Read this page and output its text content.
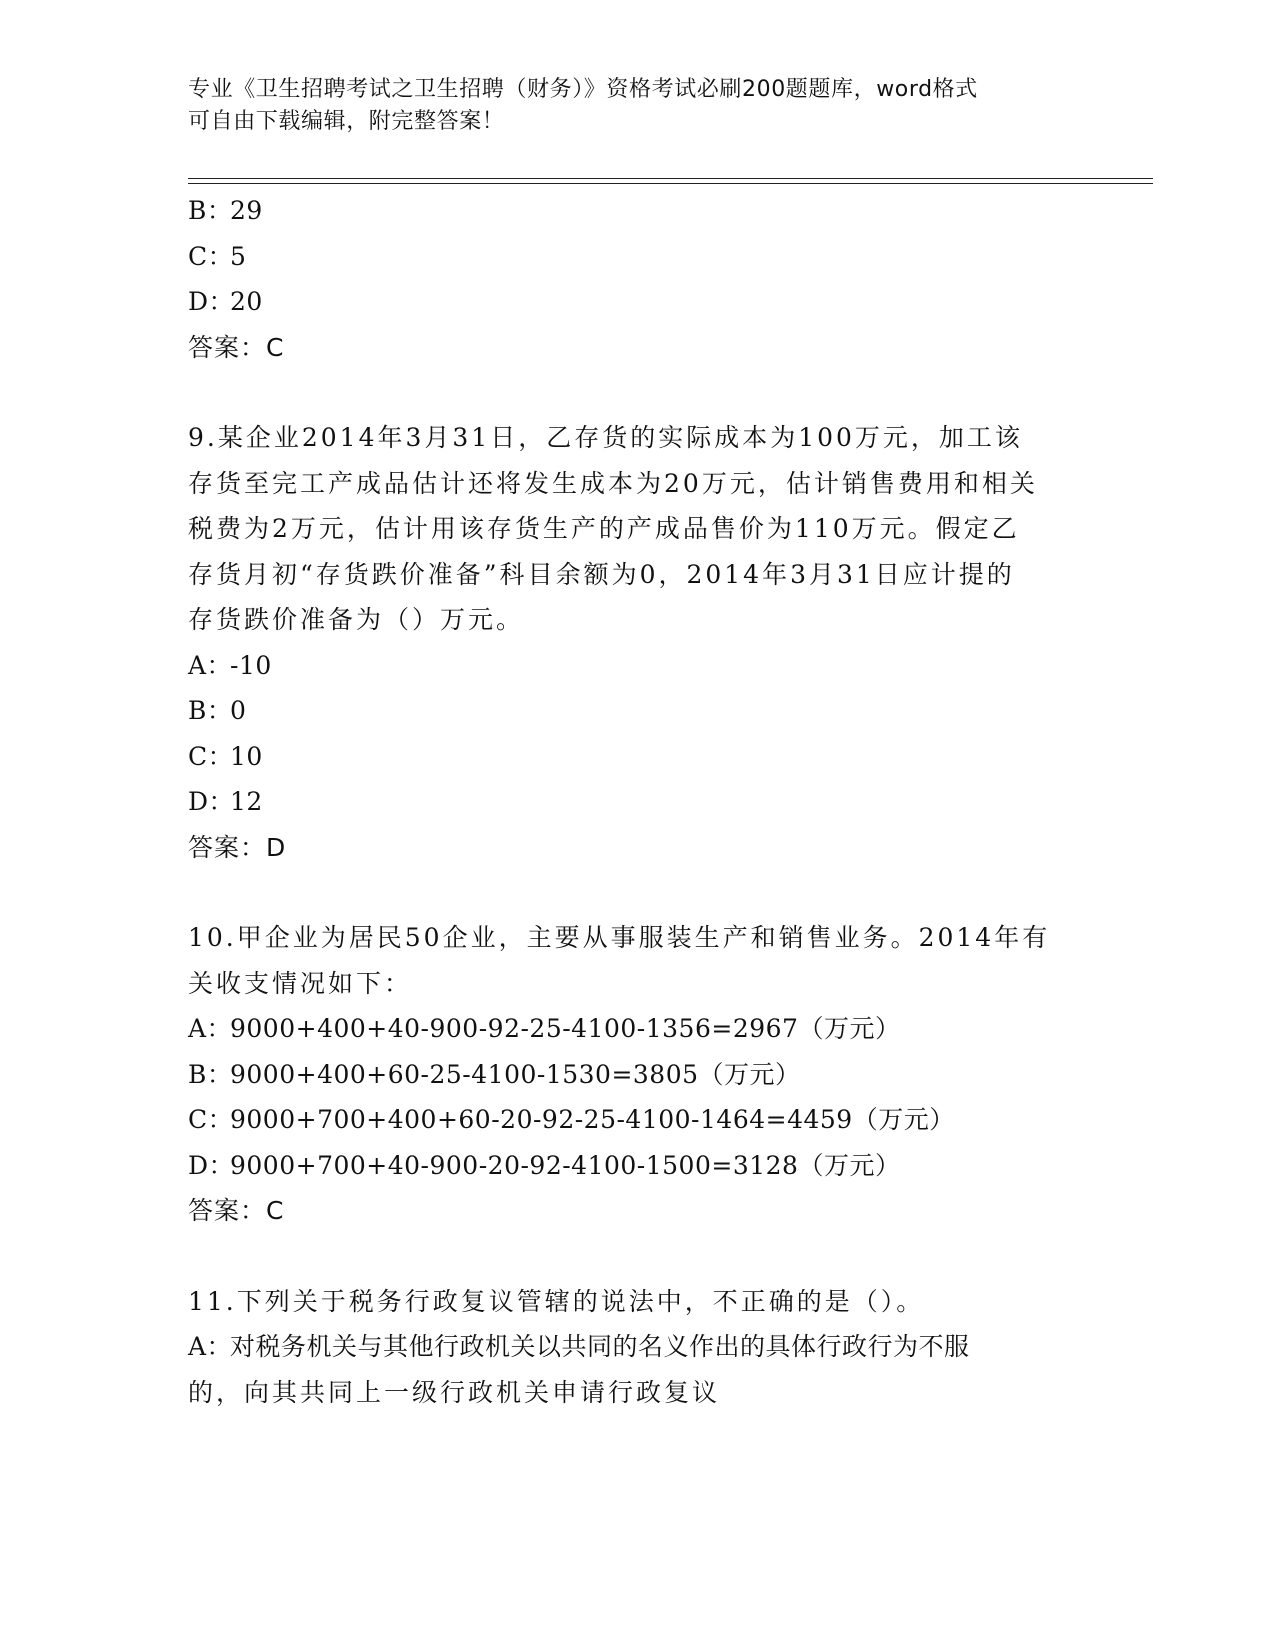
专业《卫生招聘考试之卫生招聘（财务）》资格考试必刷200题题库，word格式
可自由下载编辑，附完整答案！
B：29
C：5
D：20
答案：C
9.某企业2014年3月31日，乙存货的实际成本为100万元，加工该
存货至完工产成品估计还将发生成本为20万元，估计销售费用和相关
税费为2万元，估计用该存货生产的产成品售价为110万元。假定乙
存货月初“存货跌价准备”科目余额为0，2014年3月31日应计提的
存货跌价准备为（）万元。
A：-10
B：0
C：10
D：12
答案：D
10.甲企业为居民50企业，主要从事服装生产和销售业务。2014年有
关收支情况如下：
A：9000+400+40-900-92-25-4100-1356=2967（万元）
B：9000+400+60-25-4100-1530=3805（万元）
C：9000+700+400+60-20-92-25-4100-1464=4459（万元）
D：9000+700+40-900-20-92-4100-1500=3128（万元）
答案：C
11.下列关于税务行政复议管辖的说法中，不正确的是（）。
A：对税务机关与其他行政机关以共同的名义作出的具体行政行为不服
的，向其共同上一级行政机关申请行政复议
